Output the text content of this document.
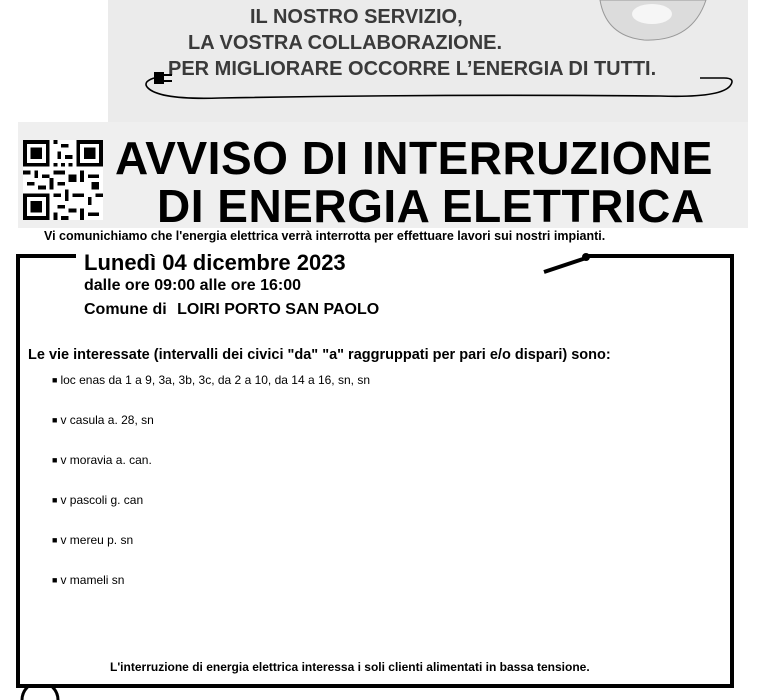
IL NOSTRO SERVIZIO,
LA VOSTRA COLLABORAZIONE.
PER MIGLIORARE OCCORRE L’ENERGIA DI TUTTI.
AVVISO DI INTERRUZIONE
DI ENERGIA ELETTRICA
Vi comunichiamo che l'energia elettrica verrà interrotta per effettuare lavori sui nostri impianti.
Lunedì 04 dicembre 2023
dalle ore 09:00 alle ore 16:00
Comune di LOIRI PORTO SAN PAOLO
Le vie interessate (intervalli dei civici "da" "a" raggruppati per pari e/o dispari) sono:
■ loc enas da 1 a 9, 3a, 3b, 3c, da 2 a 10, da 14 a 16, sn, sn
■ v casula a. 28, sn
■ v moravia a. can.
■ v pascoli g. can
■ v mereu p. sn
■ v mameli sn
L'interruzione di energia elettrica interessa i soli clienti alimentati in bassa tensione.
